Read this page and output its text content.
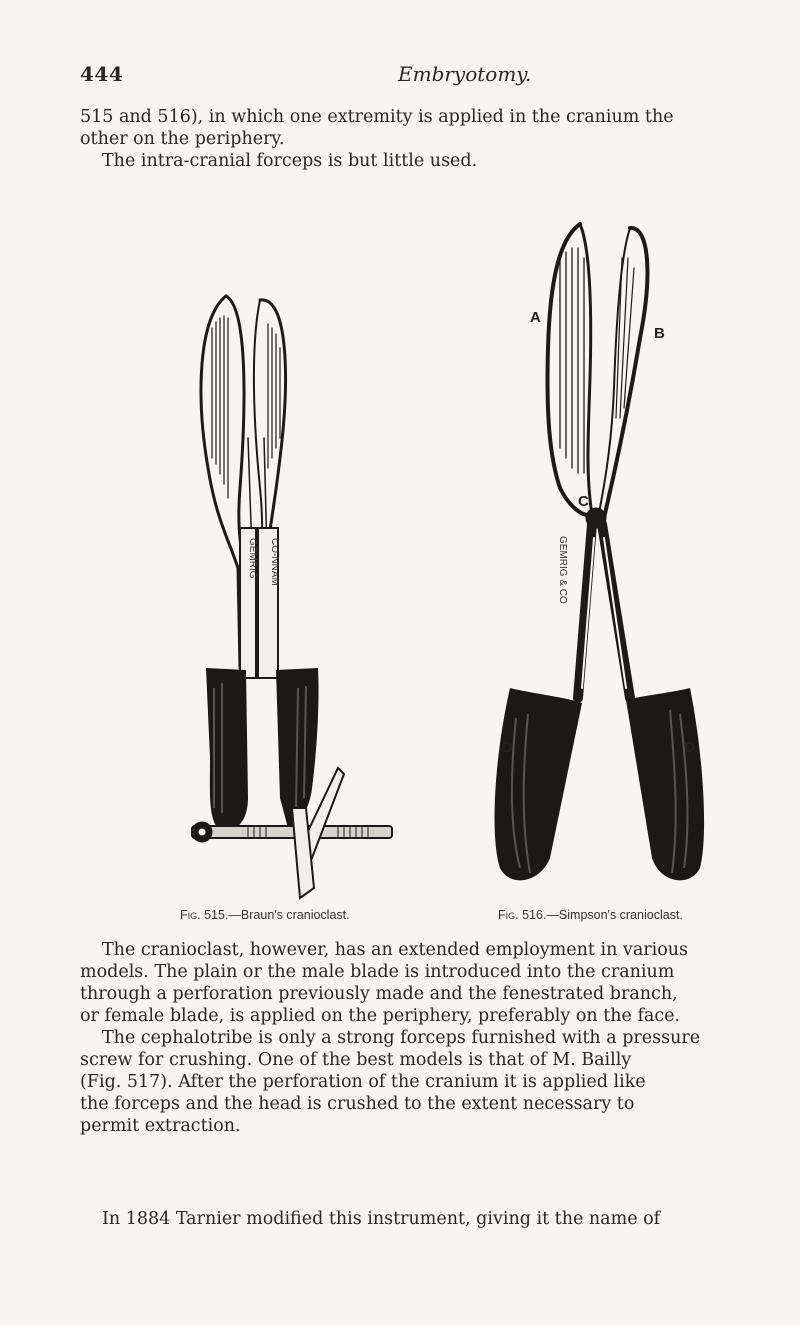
444	Embryotomy.

515 and 516), in which one extremity is applied in the cranium the
other on the periphery.

The intra-cranial forceps is but little used.

GEMRIG CO-NNAM
Fig. 515.—Braun's cranioclast.
GEMRIG & CO
A
B
C
D	D
Fig. 516.—Simpson's cranioclast.

The cranioclast, however, has an extended employment in various
models. The plain or the male blade is introduced into the cranium
through a perforation previously made and the fenestrated branch,
or female blade, is applied on the periphery, preferably on the face.
The cephalotribe is only a strong forceps furnished with a pressure
screw for crushing. One of the best models is that of M. Bailly
(Fig. 517). After the perforation of the cranium it is applied like
the forceps and the head is crushed to the extent necessary to
permit extraction.

In 1884 Tarnier modified this instrument, giving it the name of
